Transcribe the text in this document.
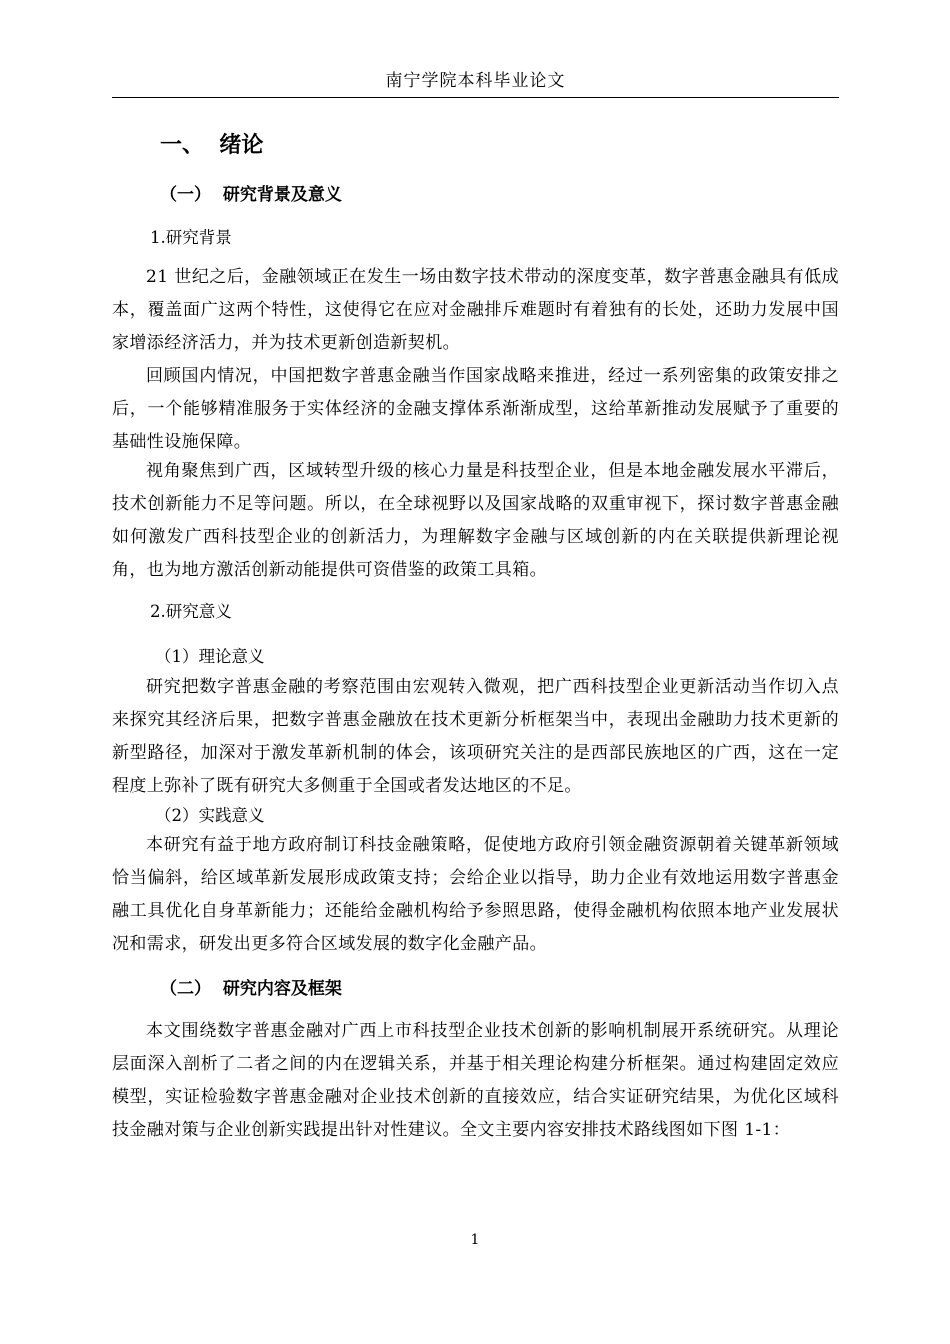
南宁学院本科毕业论文
一、  绪论
（一）  研究背景及意义
1.研究背景

21 世纪之后，金融领域正在发生一场由数字技术带动的深度变革，数字普惠金融具有低成本，覆盖面广这两个特性，这使得它在应对金融排斥难题时有着独有的长处，还助力发展中国家增添经济活力，并为技术更新创造新契机。

回顾国内情况，中国把数字普惠金融当作国家战略来推进，经过一系列密集的政策安排之后，一个能够精准服务于实体经济的金融支撑体系渐渐成型，这给革新推动发展赋予了重要的基础性设施保障。

视角聚焦到广西，区域转型升级的核心力量是科技型企业，但是本地金融发展水平滞后，技术创新能力不足等问题。所以，在全球视野以及国家战略的双重审视下，探讨数字普惠金融如何激发广西科技型企业的创新活力，为理解数字金融与区域创新的内在关联提供新理论视角，也为地方激活创新动能提供可资借鉴的政策工具箱。

2.研究意义
（1）理论意义

研究把数字普惠金融的考察范围由宏观转入微观，把广西科技型企业更新活动当作切入点来探究其经济后果，把数字普惠金融放在技术更新分析框架当中，表现出金融助力技术更新的新型路径，加深对于激发革新机制的体会，该项研究关注的是西部民族地区的广西，这在一定程度上弥补了既有研究大多侧重于全国或者发达地区的不足。

（2）实践意义

本研究有益于地方政府制订科技金融策略，促使地方政府引领金融资源朝着关键革新领域恰当偏斜，给区域革新发展形成政策支持；会给企业以指导，助力企业有效地运用数字普惠金融工具优化自身革新能力；还能给金融机构给予参照思路，使得金融机构依照本地产业发展状况和需求，研发出更多符合区域发展的数字化金融产品。

（二）  研究内容及框架

本文围绕数字普惠金融对广西上市科技型企业技术创新的影响机制展开系统研究。从理论层面深入剖析了二者之间的内在逻辑关系，并基于相关理论构建分析框架。通过构建固定效应模型，实证检验数字普惠金融对企业技术创新的直接效应，结合实证研究结果，为优化区域科技金融对策与企业创新实践提出针对性建议。全文主要内容安排技术路线图如下图 1-1：

1
